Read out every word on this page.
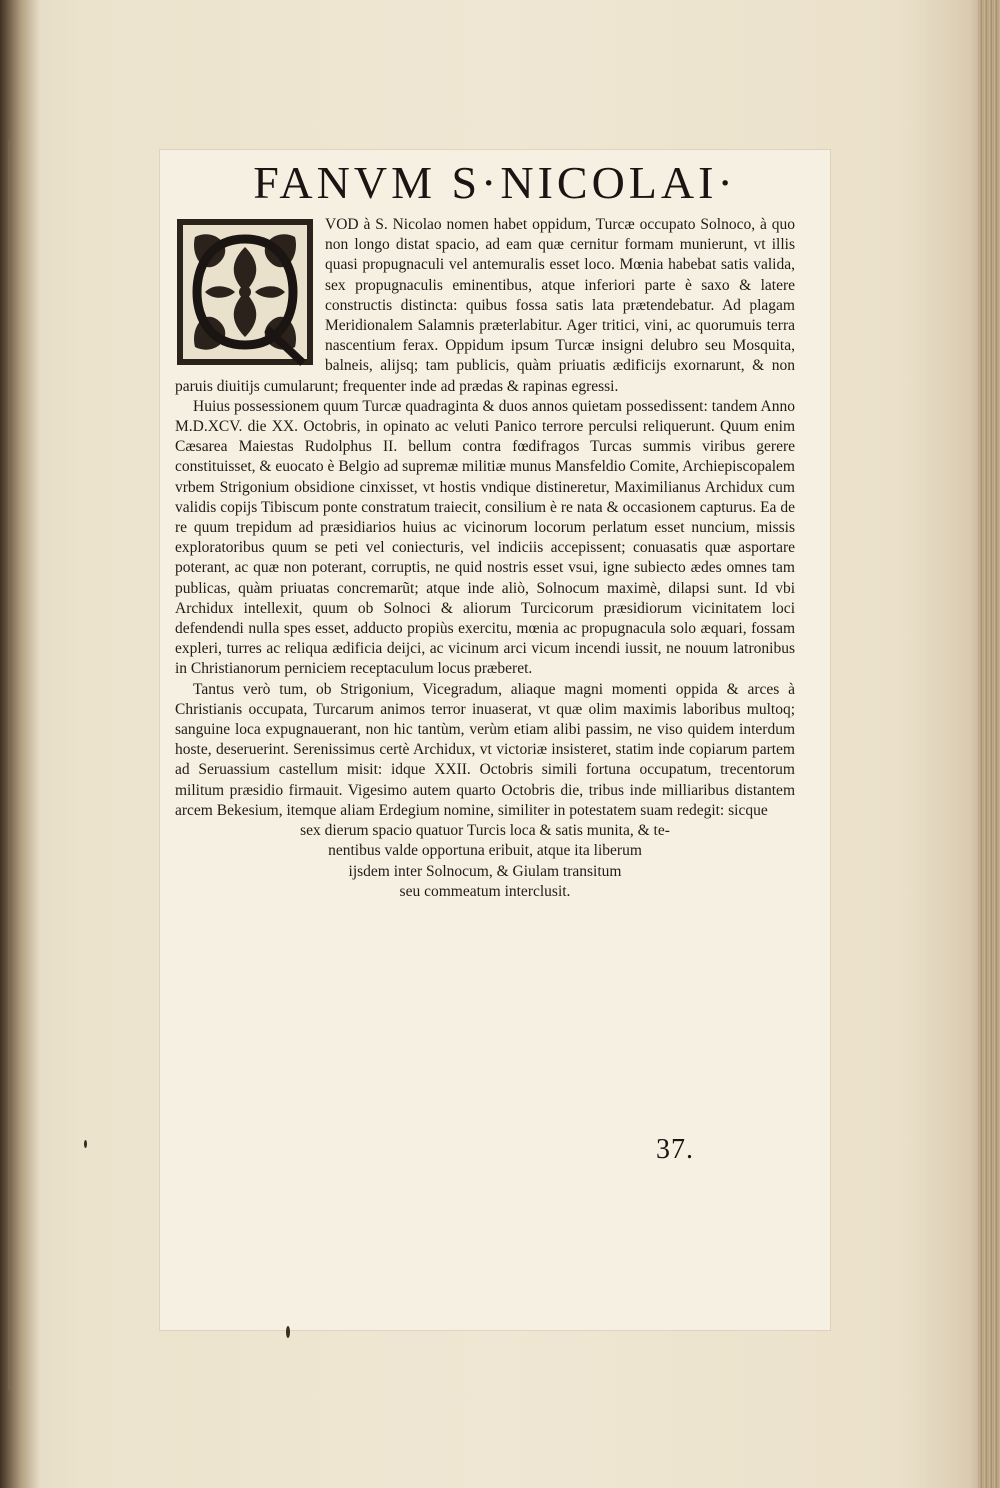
FANVM S·NICOLAI·

VOD à S. Nicolao nomen habet oppidum, Turcæ occupato Solnoco, à quo non longo distat spacio, ad eam quæ cernitur formam munierunt, vt illis quasi propugnaculi vel antemuralis esset loco. Mœnia habebat satis valida, sex propugnaculis eminentibus, atque inferiori parte è saxo & latere constructis distincta: quibus fossa satis lata prætendebatur. Ad plagam Meridionalem Salamnis præterlabitur. Ager tritici, vini, ac quorumuis terra nascentium ferax. Oppidum ipsum Turcæ insigni delubro seu Mosquita, balneis, alijsq; tam publicis, quàm priuatis ædificijs exornarunt, & non paruis diuitijs cumularunt; frequenter inde ad prædas & rapinas egressi.

Huius possessionem quum Turcæ quadraginta & duos annos quietam possedissent: tandem Anno M.D.XCV. die XX. Octobris, in opinato ac veluti Panico terrore perculsi reliquerunt. Quum enim Cæsarea Maiestas Rudolphus II. bellum contra fœdifragos Turcas summis viribus gerere constituisset, & euocato è Belgio ad supremæ militiæ munus Mansfeldio Comite, Archiepiscopalem vrbem Strigonium obsidione cinxisset, vt hostis vndique distineretur, Maximilianus Archidux cum validis copijs Tibiscum ponte constratum traiecit, consilium è re nata & occasionem capturus. Ea de re quum trepidum ad præsidiarios huius ac vicinorum locorum perlatum esset nuncium, missis exploratoribus quum se peti vel coniecturis, vel indiciis accepissent; conuasatis quæ asportare poterant, ac quæ non poterant, corruptis, ne quid nostris esset vsui, igne subiecto ædes omnes tam publicas, quàm priuatas concremarũt; atque inde aliò, Solnocum maximè, dilapsi sunt. Id vbi Archidux intellexit, quum ob Solnoci & aliorum Turcicorum præsidiorum vicinitatem loci defendendi nulla spes esset, adducto propiùs exercitu, mœnia ac propugnacula solo æquari, fossam expleri, turres ac reliqua ædificia deijci, ac vicinum arci vicum incendi iussit, ne nouum latronibus in Christianorum perniciem receptaculum locus præberet.

Tantus verò tum, ob Strigonium, Vicegradum, aliaque magni momenti oppida & arces à Christianis occupata, Turcarum animos terror inuaserat, vt quæ olim maximis laboribus multoq; sanguine loca expugnauerant, non hic tantùm, verùm etiam alibi passim, ne viso quidem interdum hoste, deseruerint. Serenissimus certè Archidux, vt victoriæ insisteret, statim inde copiarum partem ad Seruassium castellum misit: idque XXII. Octobris simili fortuna occupatum, trecentorum militum præsidio firmauit. Vigesimo autem quarto Octobris die, tribus inde milliaribus distantem arcem Bekesium, itemque aliam Erdegium nomine, similiter in potestatem suam redegit: sicque

sex dierum spacio quatuor Turcis loca & satis munita, & te-

nentibus valde opportuna eribuit, atque ita liberum

ijsdem inter Solnocum, & Giulam transitum

seu commeatum interclusit.

37.
